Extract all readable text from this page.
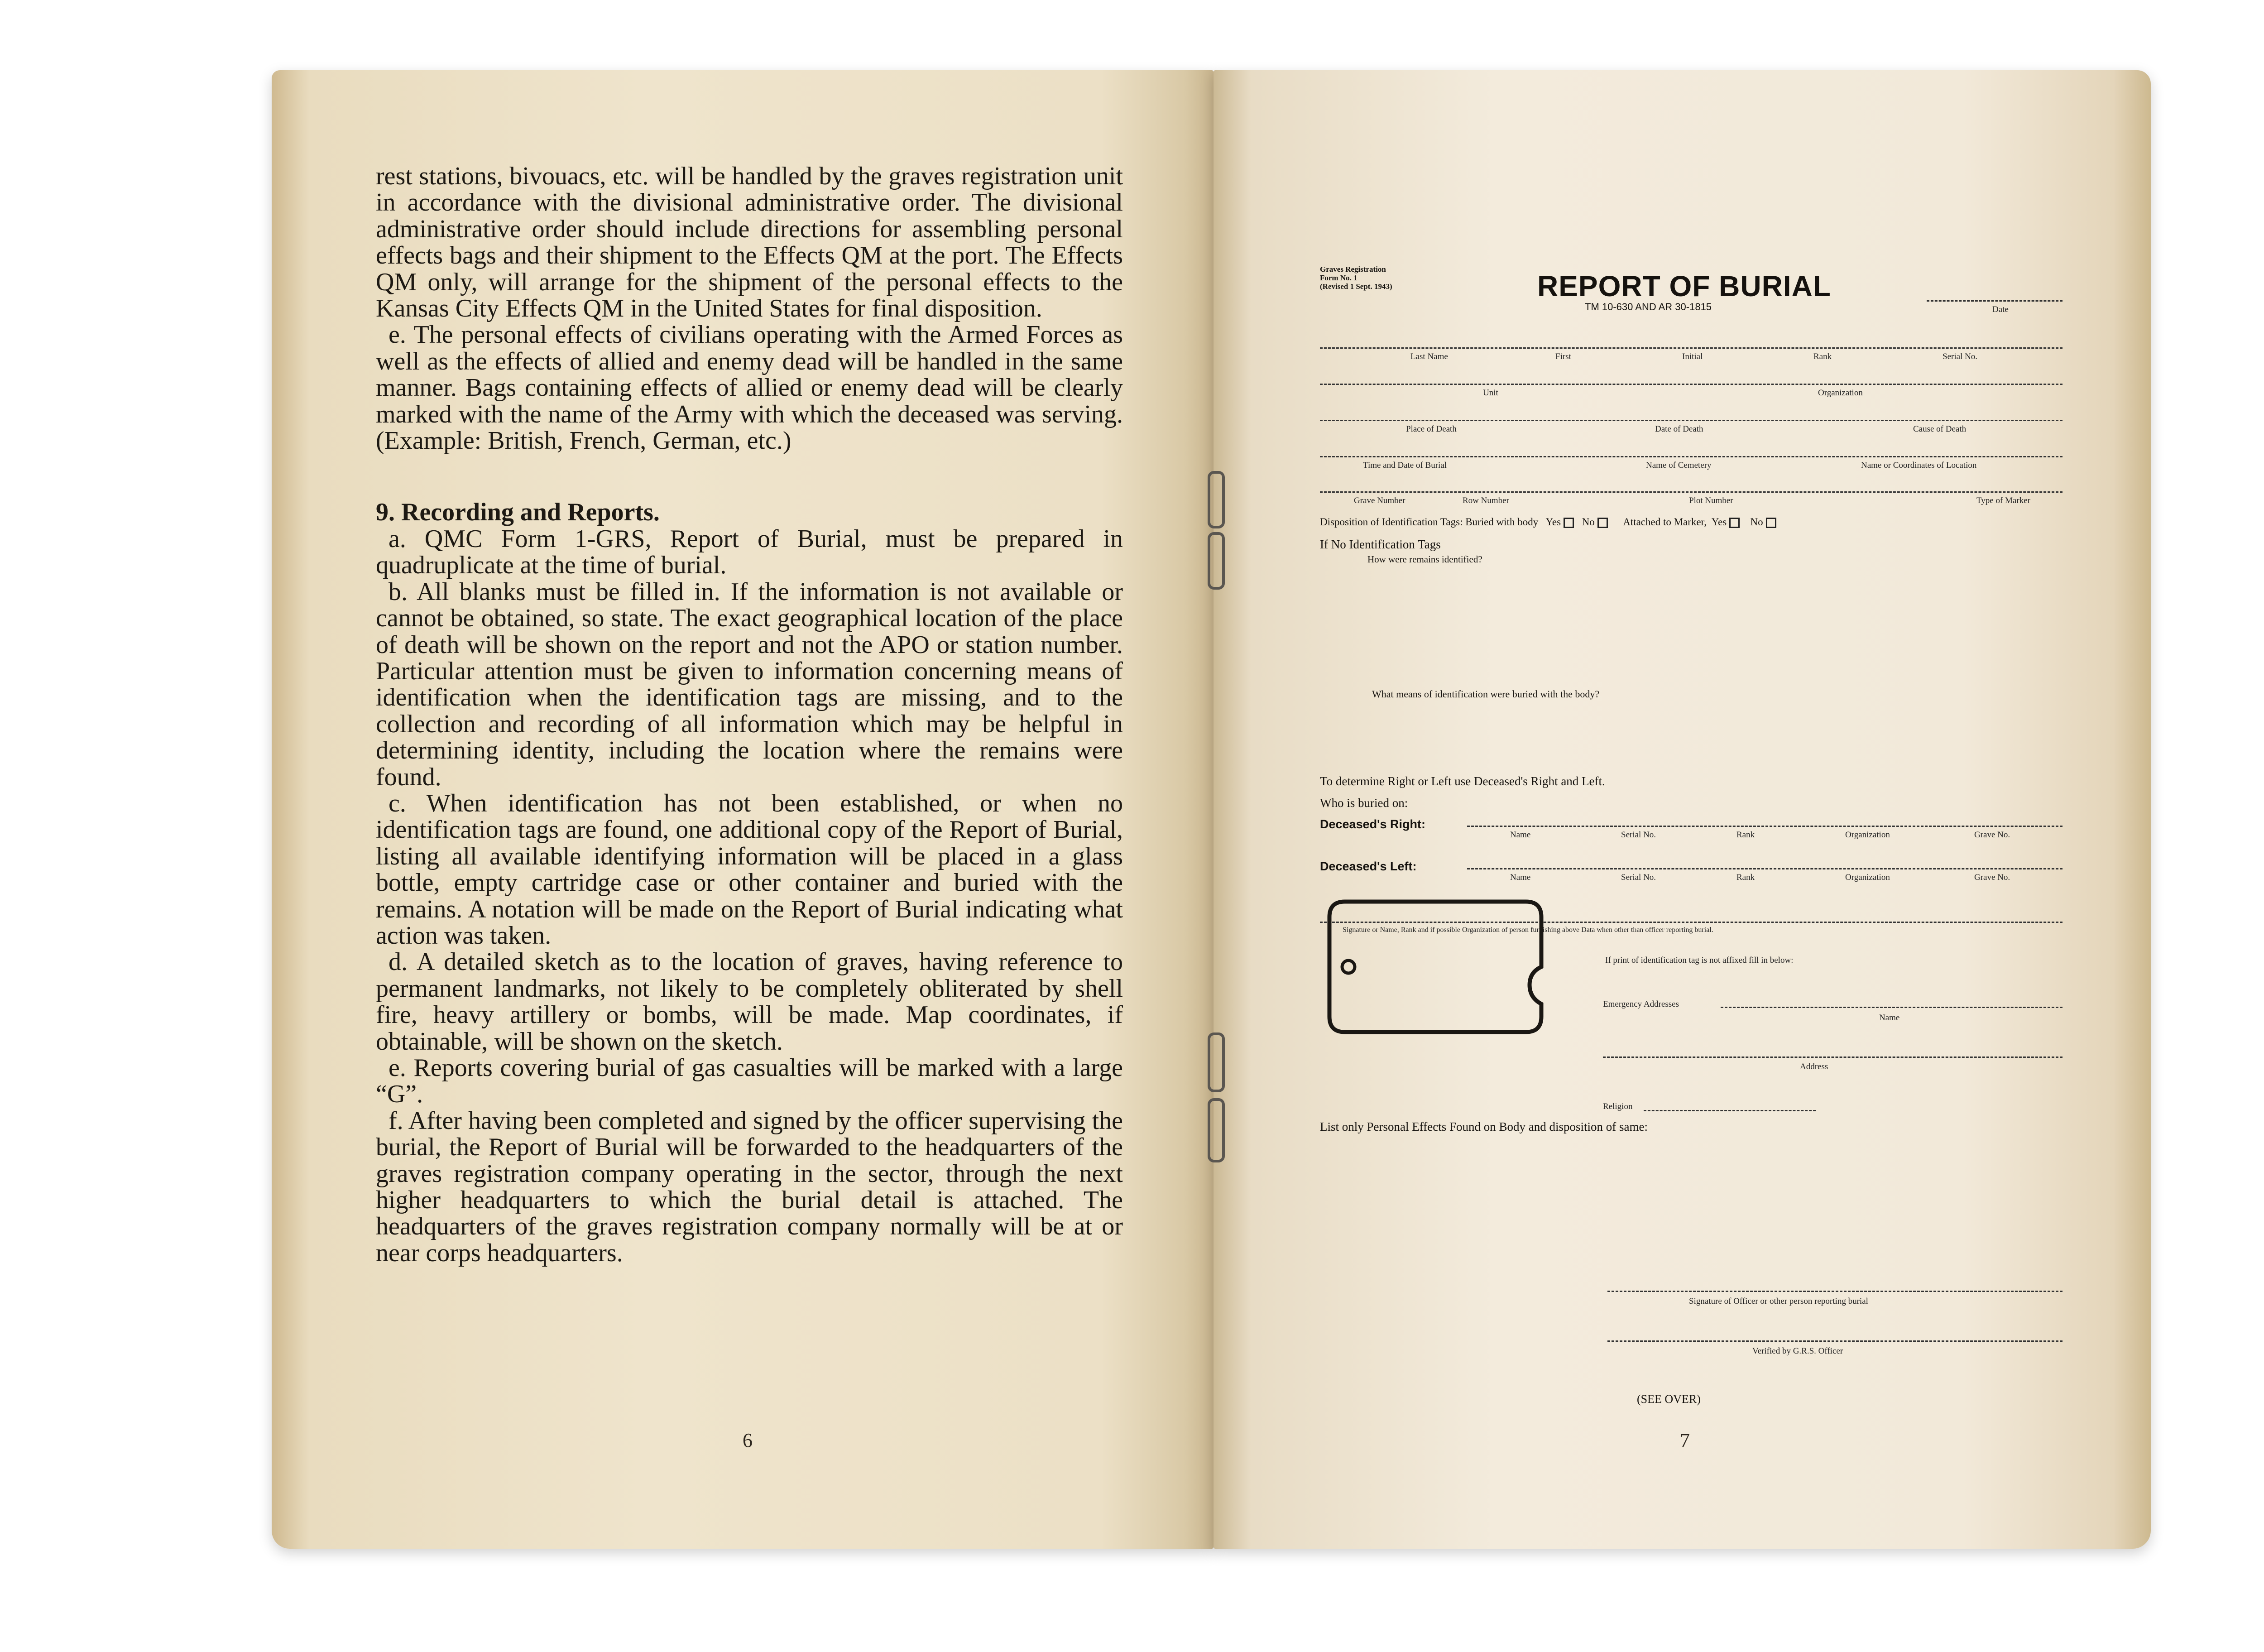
rest stations, bivouacs, etc. will be handled by the graves registration unit in accordance with the divisional administrative order. The divisional administrative order should include directions for assembling personal effects bags and their shipment to the Effects QM at the port. The Effects QM only, will arrange for the shipment of the personal effects to the Kansas City Effects QM in the United States for final disposition.

e. The personal effects of civilians operating with the Armed Forces as well as the effects of allied and enemy dead will be handled in the same manner. Bags containing effects of allied or enemy dead will be clearly marked with the name of the Army with which the deceased was serving. (Example: British, French, German, etc.)

9. Recording and Reports.

a. QMC Form 1-GRS, Report of Burial, must be prepared in quadruplicate at the time of burial.

b. All blanks must be filled in. If the information is not available or cannot be obtained, so state. The exact geographical location of the place of death will be shown on the report and not the APO or station number. Particular attention must be given to information concerning means of identification when the identification tags are missing, and to the collection and recording of all information which may be helpful in determining identity, including the location where the remains were found.

c. When identification has not been established, or when no identification tags are found, one additional copy of the Report of Burial, listing all available identifying information will be placed in a glass bottle, empty cartridge case or other container and buried with the remains. A notation will be made on the Report of Burial indicating what action was taken.

d. A detailed sketch as to the location of graves, having reference to permanent landmarks, not likely to be completely obliterated by shell fire, heavy artillery or bombs, will be made. Map coordinates, if obtainable, will be shown on the sketch.

e. Reports covering burial of gas casualties will be marked with a large “G”.

f. After having been completed and signed by the officer supervising the burial, the Report of Burial will be forwarded to the headquarters of the graves registration company operating in the sector, through the next higher headquarters to which the burial detail is attached. The headquarters of the graves registration company normally will be at or near corps headquarters.

6
Graves Registration
Form No. 1
(Revised 1 Sept. 1943)	REPORT OF BURIAL
TM 10-630 AND AR 30-1815	Date
Last Name	First	Initial	Rank	Serial No.
Unit	Organization
Place of Death	Date of Death	Cause of Death
Time and Date of Burial	Name of Cemetery	Name or Coordinates of Location
Grave Number	Row Number	Plot Number	Type of Marker
Disposition of Identification Tags: Buried with body Yes No	Attached to Marker, Yes No
If No Identification Tags
How were remains identified?
What means of identification were buried with the body?
To determine Right or Left use Deceased's Right and Left.
Who is buried on:
Deceased's Right:
Name	Serial No.	Rank	Organization	Grave No.
Deceased's Left:
Name	Serial No.	Rank	Organization	Grave No.
Signature or Name, Rank and if possible Organization of person furnishing above Data when other than officer reporting burial.
If print of identification tag is not affixed fill in below:
Emergency Addresses
Name
Address
Religion
List only Personal Effects Found on Body and disposition of same:
Signature of Officer or other person reporting burial
Verified by G.R.S. Officer
(SEE OVER)
7
